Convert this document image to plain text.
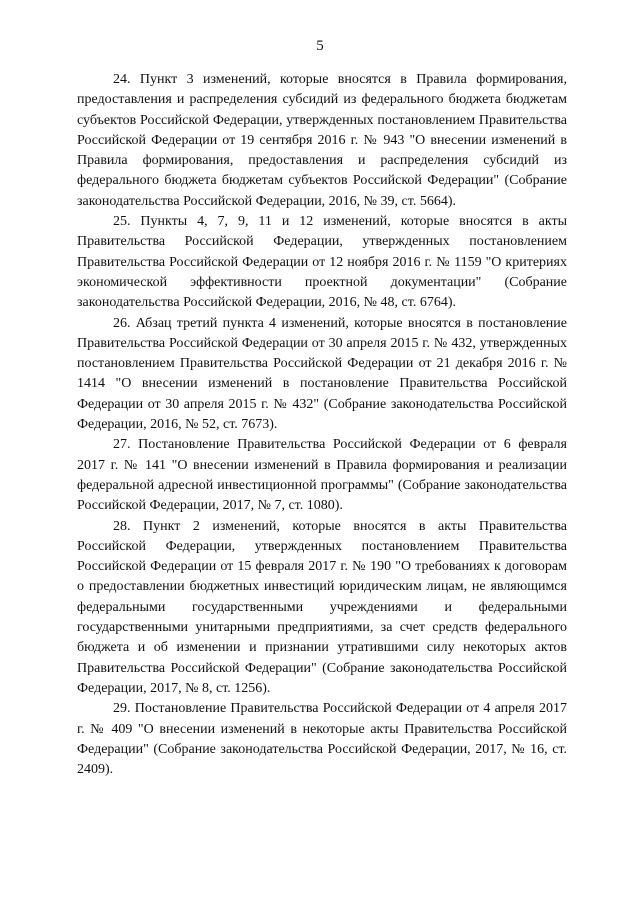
5

24. Пункт 3 изменений, которые вносятся в Правила формирования, предоставления и распределения субсидий из федерального бюджета бюджетам субъектов Российской Федерации, утвержденных постановлением Правительства Российской Федерации от 19 сентября 2016 г. № 943 "О внесении изменений в Правила формирования, предоставления и распределения субсидий из федерального бюджета бюджетам субъектов Российской Федерации" (Собрание законодательства Российской Федерации, 2016, № 39, ст. 5664).

25. Пункты 4, 7, 9, 11 и 12 изменений, которые вносятся в акты Правительства Российской Федерации, утвержденных постановлением Правительства Российской Федерации от 12 ноября 2016 г. № 1159 "О критериях экономической эффективности проектной документации" (Собрание законодательства Российской Федерации, 2016, № 48, ст. 6764).

26. Абзац третий пункта 4 изменений, которые вносятся в постановление Правительства Российской Федерации от 30 апреля 2015 г. № 432, утвержденных постановлением Правительства Российской Федерации от 21 декабря 2016 г. № 1414 "О внесении изменений в постановление Правительства Российской Федерации от 30 апреля 2015 г. № 432" (Собрание законодательства Российской Федерации, 2016, № 52, ст. 7673).

27. Постановление Правительства Российской Федерации от 6 февраля 2017 г. № 141 "О внесении изменений в Правила формирования и реализации федеральной адресной инвестиционной программы" (Собрание законодательства Российской Федерации, 2017, № 7, ст. 1080).

28. Пункт 2 изменений, которые вносятся в акты Правительства Российской Федерации, утвержденных постановлением Правительства Российской Федерации от 15 февраля 2017 г. № 190 "О требованиях к договорам о предоставлении бюджетных инвестиций юридическим лицам, не являющимся федеральными государственными учреждениями и федеральными государственными унитарными предприятиями, за счет средств федерального бюджета и об изменении и признании утратившими силу некоторых актов Правительства Российской Федерации" (Собрание законодательства Российской Федерации, 2017, № 8, ст. 1256).

29. Постановление Правительства Российской Федерации от 4 апреля 2017 г. № 409 "О внесении изменений в некоторые акты Правительства Российской Федерации" (Собрание законодательства Российской Федерации, 2017, № 16, ст. 2409).
